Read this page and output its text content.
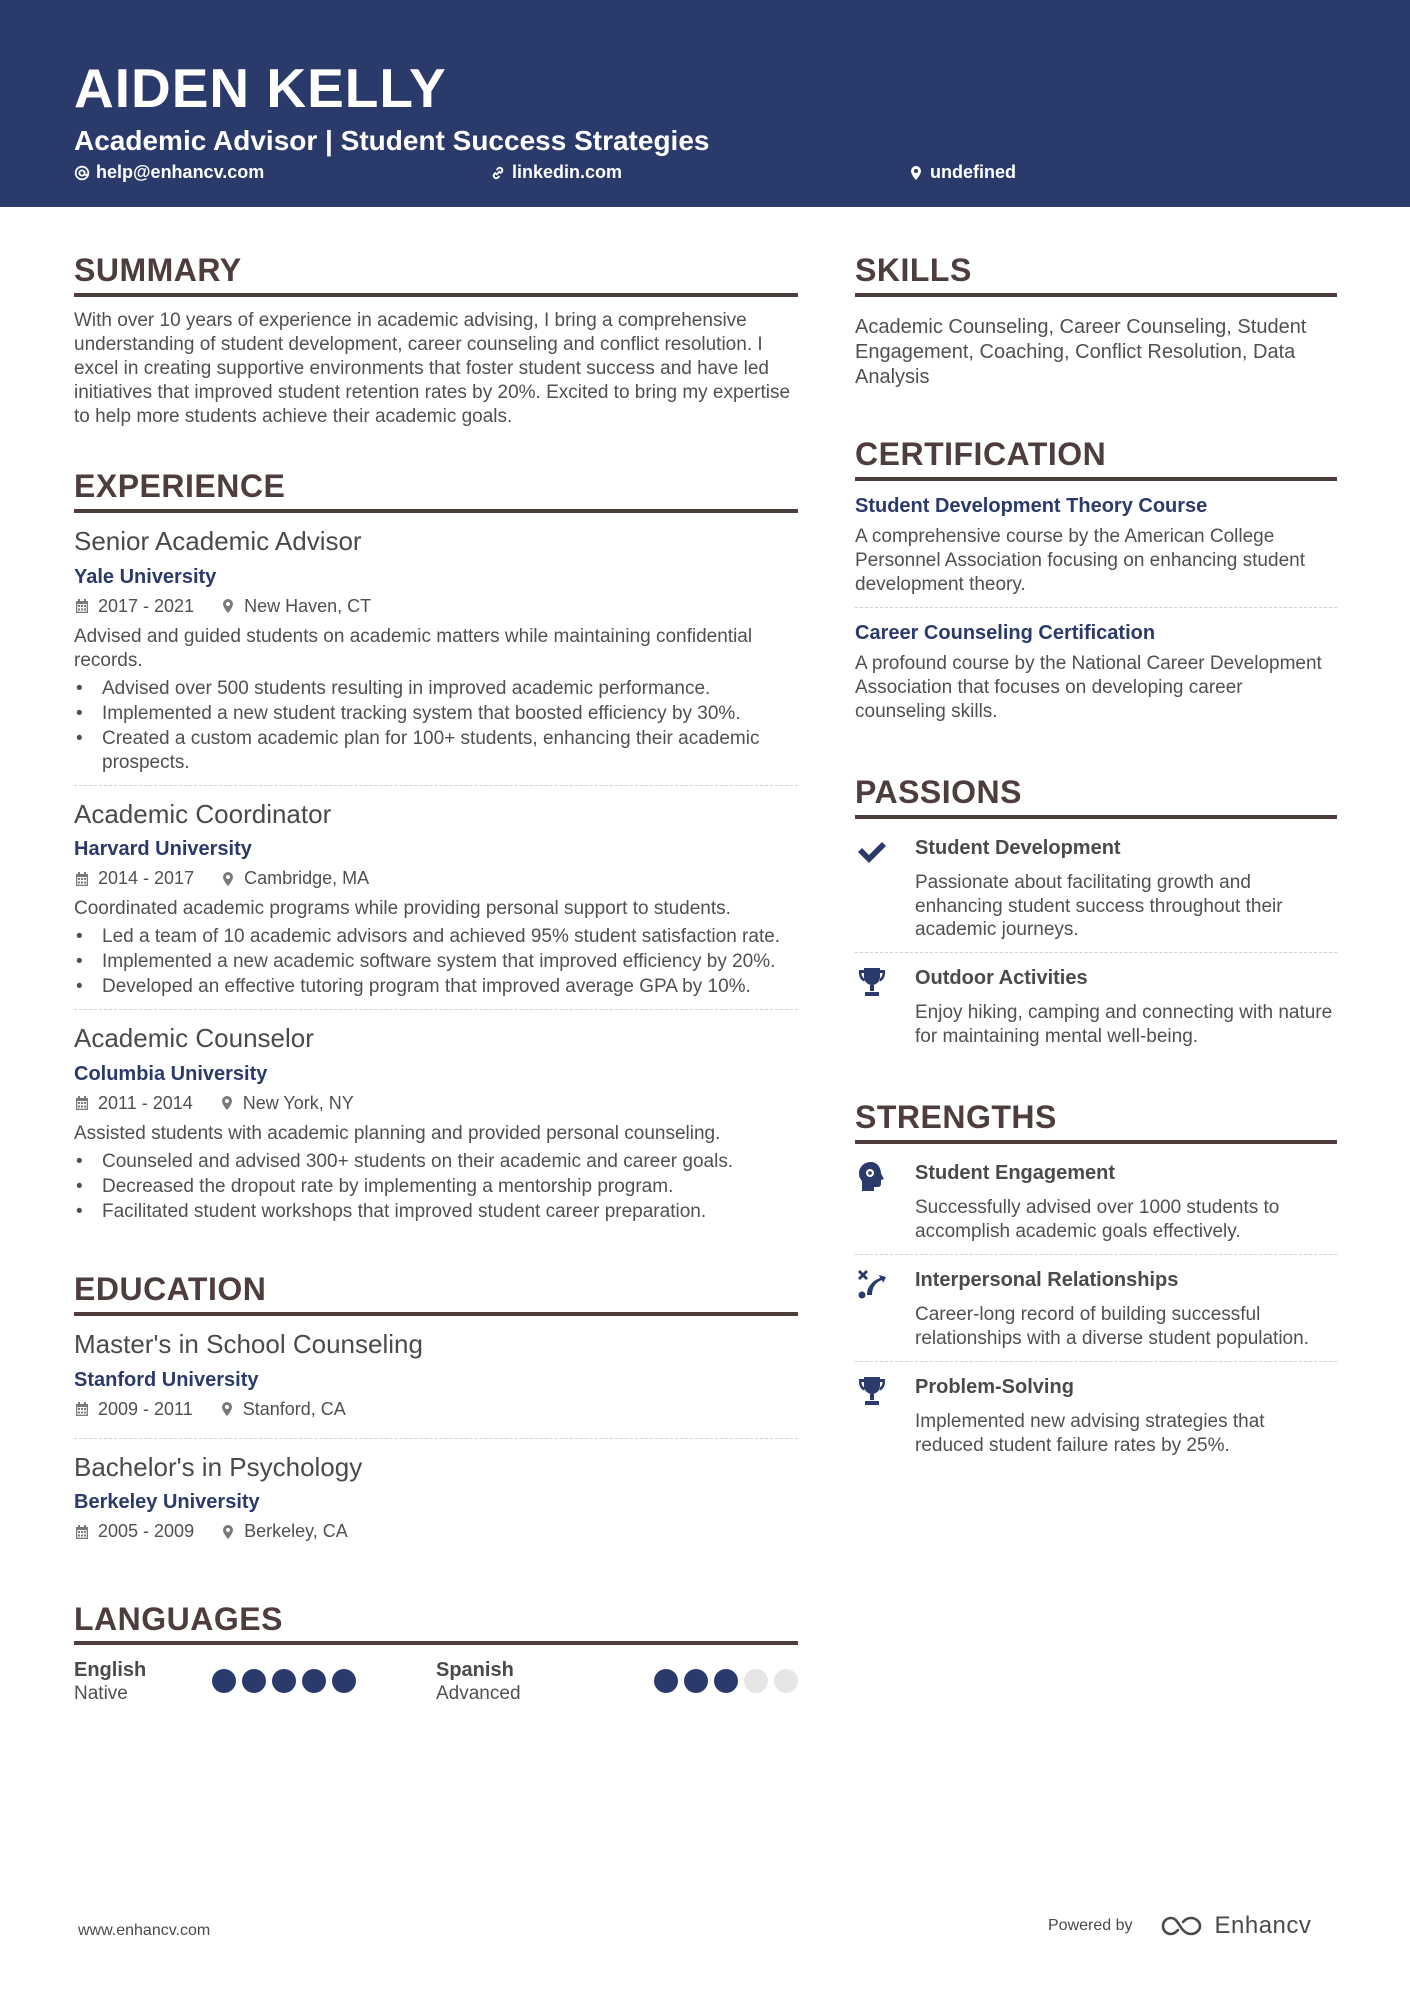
AIDEN KELLY
Academic Advisor | Student Success Strategies
help@enhancv.com	linkedin.com	undefined
SUMMARY
With over 10 years of experience in academic advising, I bring a comprehensive understanding of student development, career counseling and conflict resolution. I excel in creating supportive environments that foster student success and have led initiatives that improved student retention rates by 20%. Excited to bring my expertise to help more students achieve their academic goals.
EXPERIENCE
Senior Academic Advisor
Yale University
2017 - 2021	New Haven, CT
Advised and guided students on academic matters while maintaining confidential records.
• Advised over 500 students resulting in improved academic performance.
• Implemented a new student tracking system that boosted efficiency by 30%.
• Created a custom academic plan for 100+ students, enhancing their academic prospects.
Academic Coordinator
Harvard University
2014 - 2017	Cambridge, MA
Coordinated academic programs while providing personal support to students.
• Led a team of 10 academic advisors and achieved 95% student satisfaction rate.
• Implemented a new academic software system that improved efficiency by 20%.
• Developed an effective tutoring program that improved average GPA by 10%.
Academic Counselor
Columbia University
2011 - 2014	New York, NY
Assisted students with academic planning and provided personal counseling.
• Counseled and advised 300+ students on their academic and career goals.
• Decreased the dropout rate by implementing a mentorship program.
• Facilitated student workshops that improved student career preparation.
EDUCATION
Master's in School Counseling
Stanford University
2009 - 2011	Stanford, CA
Bachelor's in Psychology
Berkeley University
2005 - 2009	Berkeley, CA
LANGUAGES
English
Native
Spanish
Advanced
SKILLS
Academic Counseling, Career Counseling, Student Engagement, Coaching, Conflict Resolution, Data Analysis
CERTIFICATION
Student Development Theory Course
A comprehensive course by the American College Personnel Association focusing on enhancing student development theory.
Career Counseling Certification
A profound course by the National Career Development Association that focuses on developing career counseling skills.
PASSIONS
Student Development
Passionate about facilitating growth and enhancing student success throughout their academic journeys.
Outdoor Activities
Enjoy hiking, camping and connecting with nature for maintaining mental well-being.
STRENGTHS
Student Engagement
Successfully advised over 1000 students to accomplish academic goals effectively.
Interpersonal Relationships
Career-long record of building successful relationships with a diverse student population.
Problem-Solving
Implemented new advising strategies that reduced student failure rates by 25%.
www.enhancv.com	Powered by	Enhancv
